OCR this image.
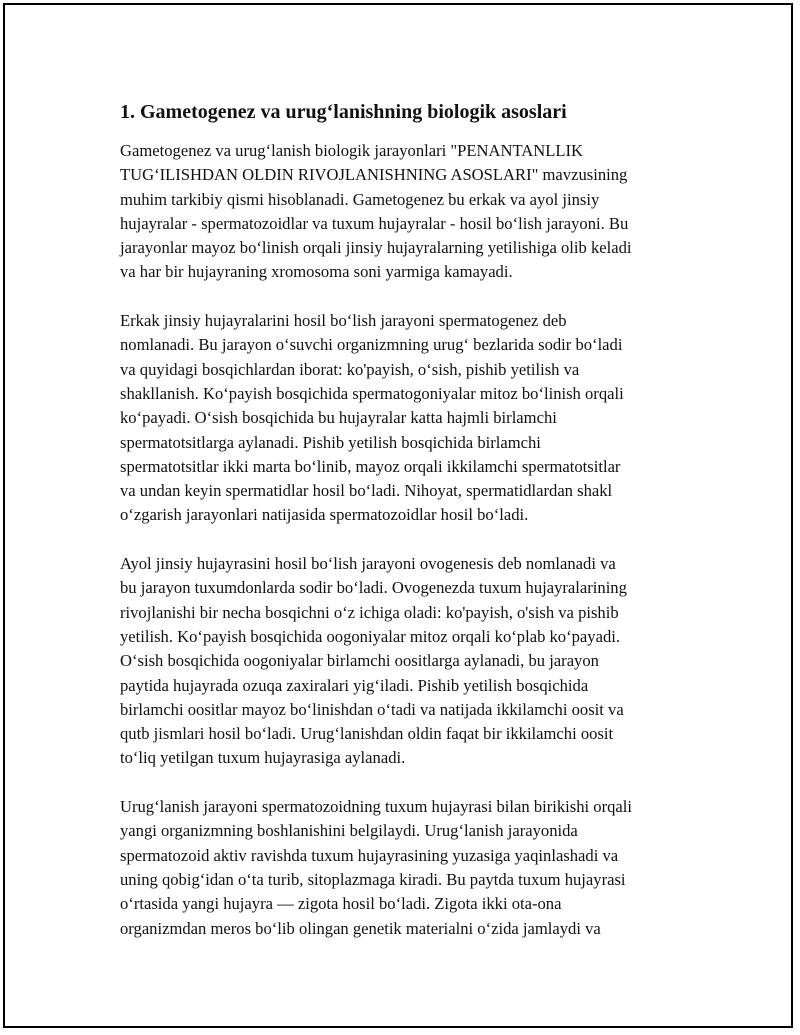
1. Gametogenez va urug‘lanishning biologik asoslari

Gametogenez va urug‘lanish biologik jarayonlari "PENANTANLLIK
TUG‘ILISHDAN OLDIN RIVOJLANISHNING ASOSLARI" mavzusining
muhim tarkibiy qismi hisoblanadi. Gametogenez bu erkak va ayol jinsiy
hujayralar - spermatozoidlar va tuxum hujayralar - hosil bo‘lish jarayoni. Bu
jarayonlar mayoz bo‘linish orqali jinsiy hujayralarning yetilishiga olib keladi
va har bir hujayraning xromosoma soni yarmiga kamayadi.

Erkak jinsiy hujayralarini hosil bo‘lish jarayoni spermatogenez deb
nomlanadi. Bu jarayon o‘suvchi organizmning urug‘ bezlarida sodir bo‘ladi
va quyidagi bosqichlardan iborat: ko'payish, o‘sish, pishib yetilish va
shakllanish. Ko‘payish bosqichida spermatogoniyalar mitoz bo‘linish orqali
ko‘payadi. O‘sish bosqichida bu hujayralar katta hajmli birlamchi
spermatotsitlarga aylanadi. Pishib yetilish bosqichida birlamchi
spermatotsitlar ikki marta bo‘linib, mayoz orqali ikkilamchi spermatotsitlar
va undan keyin spermatidlar hosil bo‘ladi. Nihoyat, spermatidlardan shakl
o‘zgarish jarayonlari natijasida spermatozoidlar hosil bo‘ladi.

Ayol jinsiy hujayrasini hosil bo‘lish jarayoni ovogenesis deb nomlanadi va
bu jarayon tuxumdonlarda sodir bo‘ladi. Ovogenezda tuxum hujayralarining
rivojlanishi bir necha bosqichni o‘z ichiga oladi: ko'payish, o'sish va pishib
yetilish. Ko‘payish bosqichida oogoniyalar mitoz orqali ko‘plab ko‘payadi.
O‘sish bosqichida oogoniyalar birlamchi oositlarga aylanadi, bu jarayon
paytida hujayrada ozuqa zaxiralari yig‘iladi. Pishib yetilish bosqichida
birlamchi oositlar mayoz bo‘linishdan o‘tadi va natijada ikkilamchi oosit va
qutb jismlari hosil bo‘ladi. Urug‘lanishdan oldin faqat bir ikkilamchi oosit
to‘liq yetilgan tuxum hujayrasiga aylanadi.

Urug‘lanish jarayoni spermatozoidning tuxum hujayrasi bilan birikishi orqali
yangi organizmning boshlanishini belgilaydi. Urug‘lanish jarayonida
spermatozoid aktiv ravishda tuxum hujayrasining yuzasiga yaqinlashadi va
uning qobig‘idan o‘ta turib, sitoplazmaga kiradi. Bu paytda tuxum hujayrasi
o‘rtasida yangi hujayra — zigota hosil bo‘ladi. Zigota ikki ota-ona
organizmdan meros bo‘lib olingan genetik materialni o‘zida jamlaydi va
